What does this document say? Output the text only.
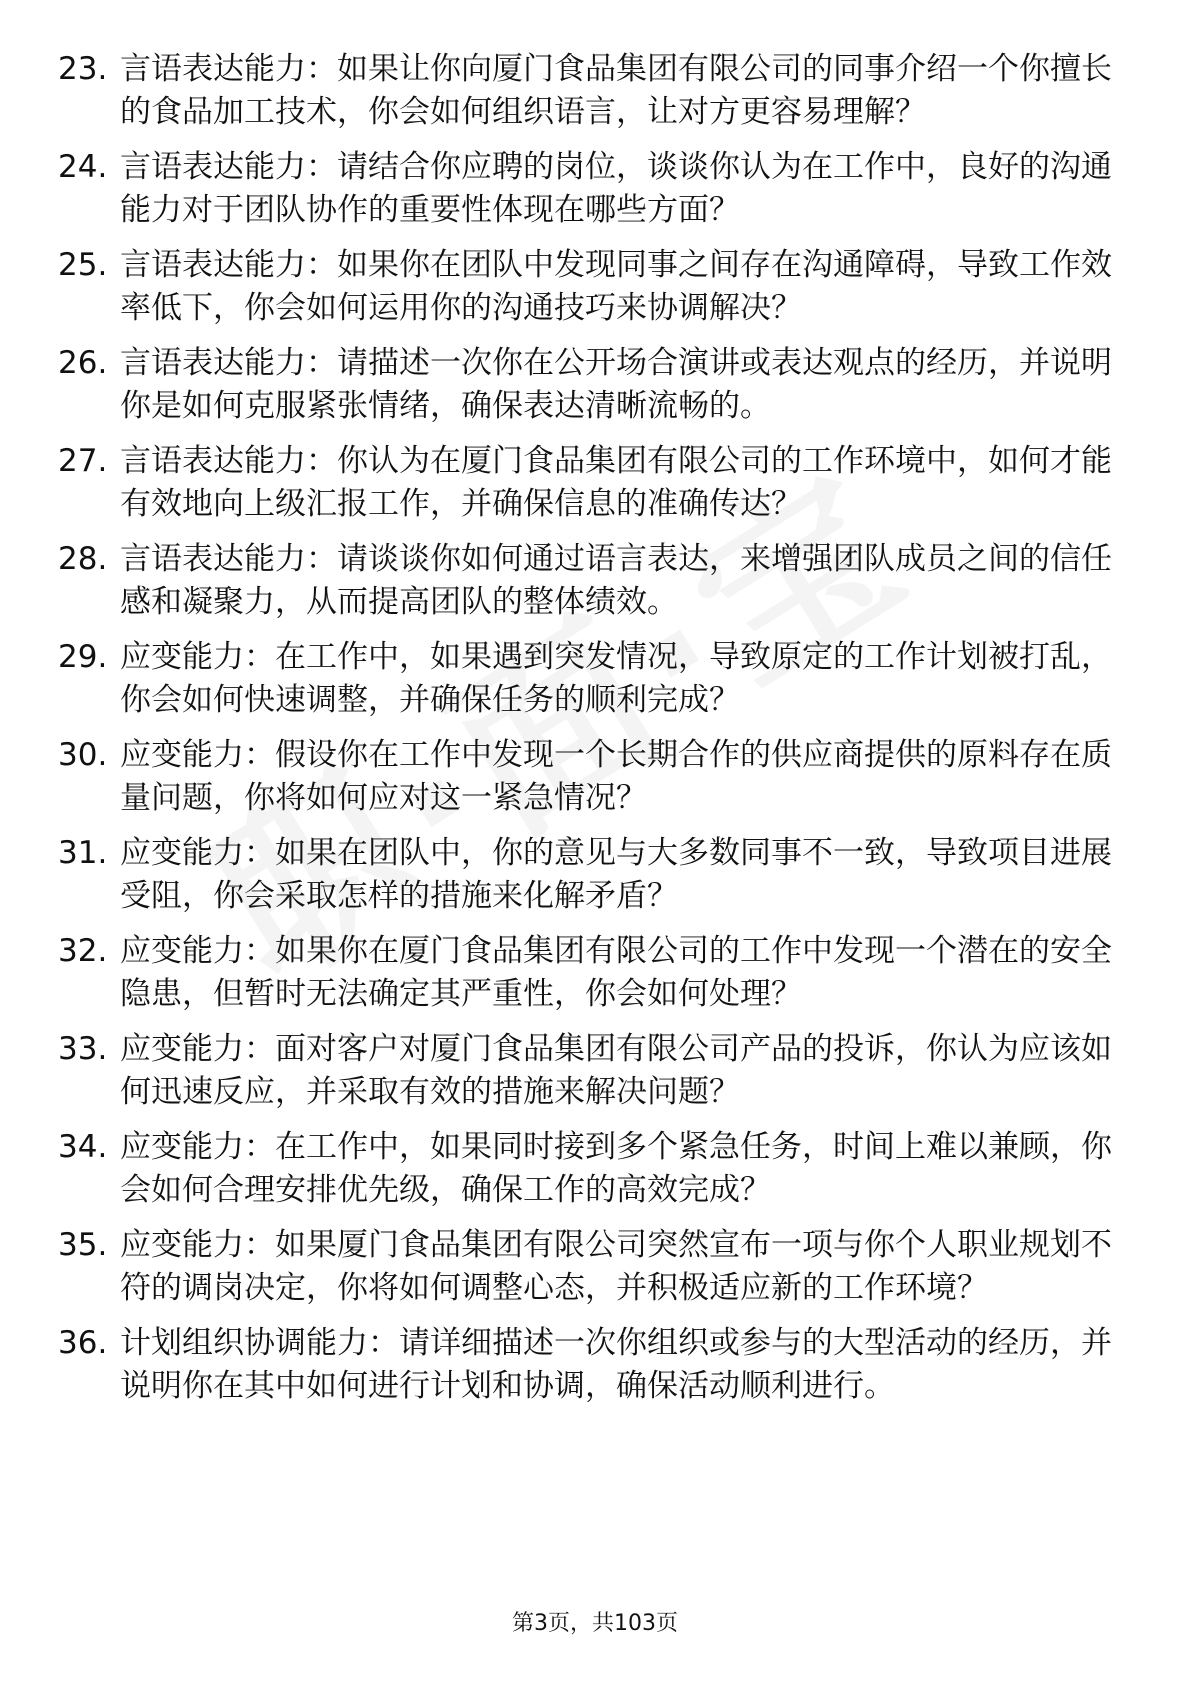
23. 言语表达能力：如果让你向厦门食品集团有限公司的同事介绍一个你擅长的食品加工技术，你会如何组织语言，让对方更容易理解？
24. 言语表达能力：请结合你应聘的岗位，谈谈你认为在工作中，良好的沟通能力对于团队协作的重要性体现在哪些方面？
25. 言语表达能力：如果你在团队中发现同事之间存在沟通障碍，导致工作效率低下，你会如何运用你的沟通技巧来协调解决？
26. 言语表达能力：请描述一次你在公开场合演讲或表达观点的经历，并说明你是如何克服紧张情绪，确保表达清晰流畅的。
27. 言语表达能力：你认为在厦门食品集团有限公司的工作环境中，如何才能有效地向上级汇报工作，并确保信息的准确传达？
28. 言语表达能力：请谈谈你如何通过语言表达，来增强团队成员之间的信任感和凝聚力，从而提高团队的整体绩效。
29. 应变能力：在工作中，如果遇到突发情况，导致原定的工作计划被打乱，你会如何快速调整，并确保任务的顺利完成？
30. 应变能力：假设你在工作中发现一个长期合作的供应商提供的原料存在质量问题，你将如何应对这一紧急情况？
31. 应变能力：如果在团队中，你的意见与大多数同事不一致，导致项目进展受阻，你会采取怎样的措施来化解矛盾？
32. 应变能力：如果你在厦门食品集团有限公司的工作中发现一个潜在的安全隐患，但暂时无法确定其严重性，你会如何处理？
33. 应变能力：面对客户对厦门食品集团有限公司产品的投诉，你认为应该如何迅速反应，并采取有效的措施来解决问题？
34. 应变能力：在工作中，如果同时接到多个紧急任务，时间上难以兼顾，你会如何合理安排优先级，确保工作的高效完成？
35. 应变能力：如果厦门食品集团有限公司突然宣布一项与你个人职业规划不符的调岗决定，你将如何调整心态，并积极适应新的工作环境？
36. 计划组织协调能力：请详细描述一次你组织或参与的大型活动的经历，并说明你在其中如何进行计划和协调，确保活动顺利进行。
第3页，共103页
